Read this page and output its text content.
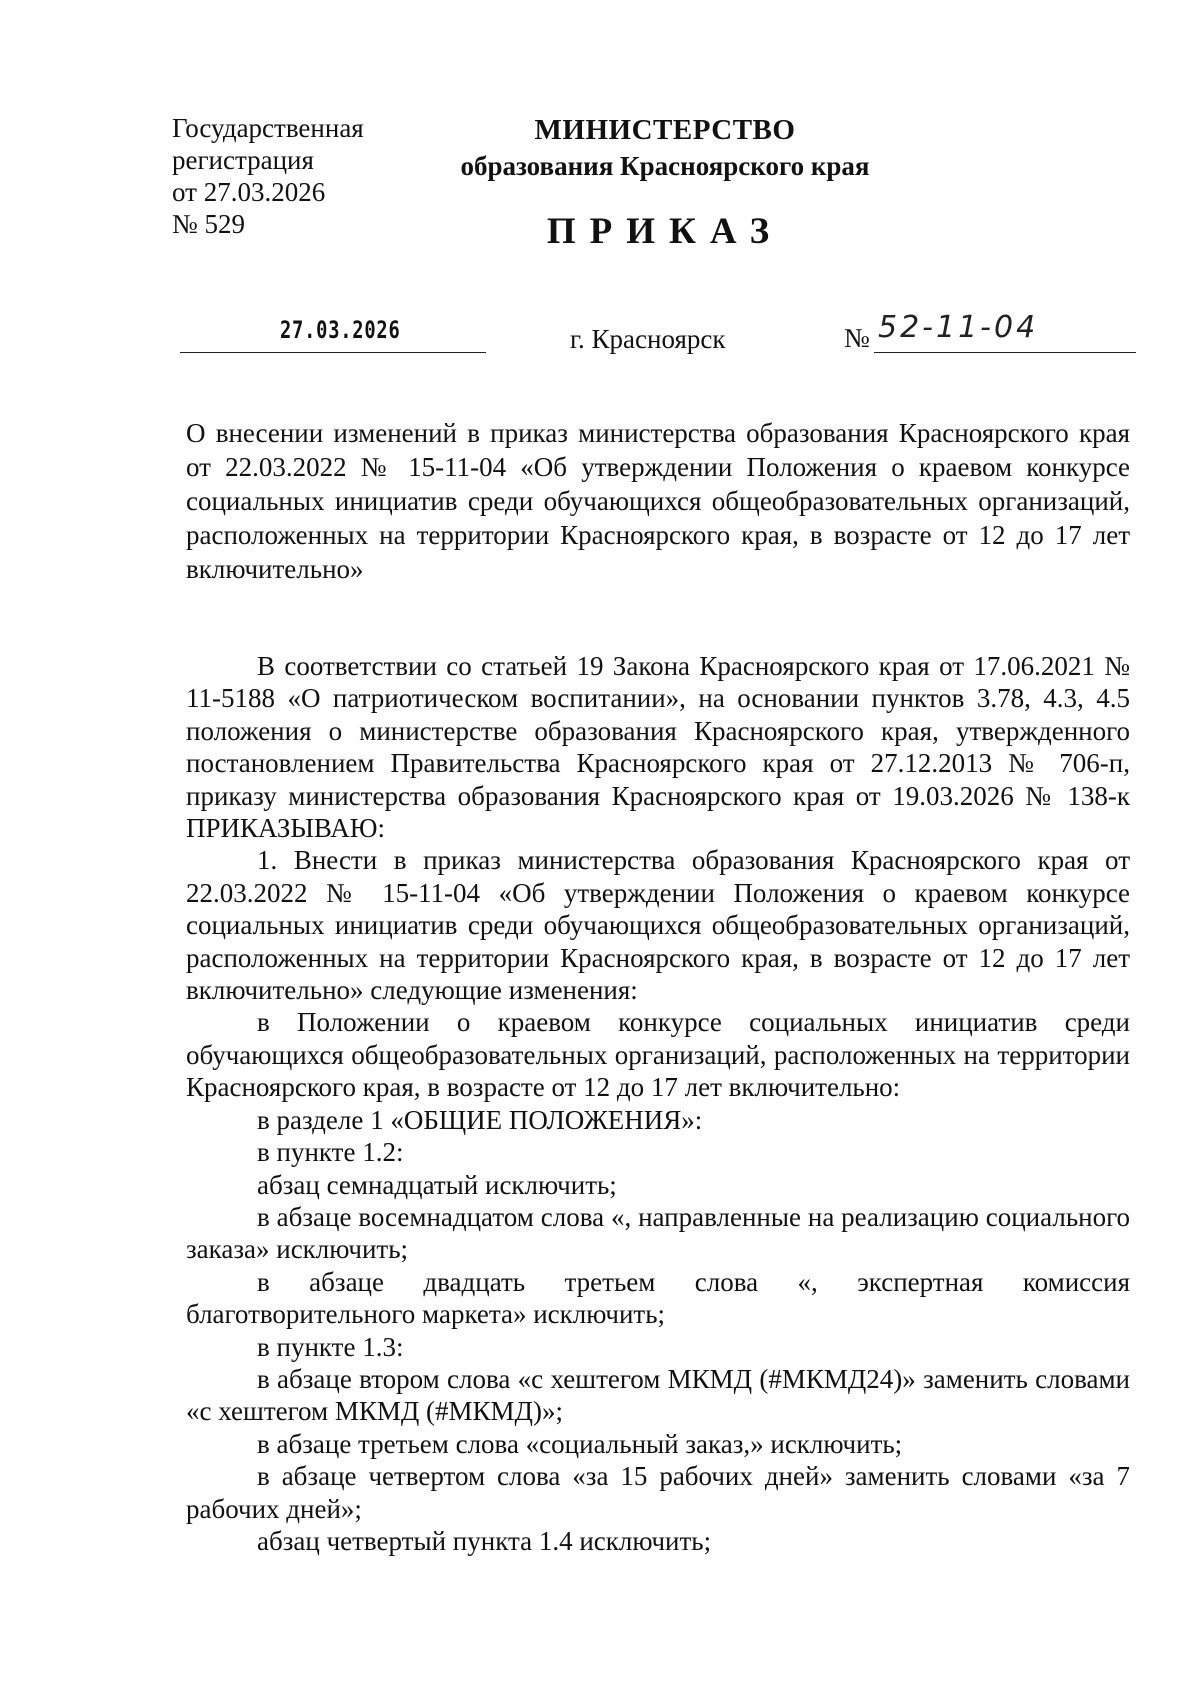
Государственная
регистрация
от 27.03.2026
№ 529
МИНИСТЕРСТВО
образования Красноярского края
ПРИКАЗ
27.03.2026	г. Красноярск	№ 52-11-04
О внесении изменений в приказ министерства образования Красноярского края от 22.03.2022 № 15-11-04 «Об утверждении Положения о краевом конкурсе социальных инициатив среди обучающихся общеобразовательных организаций, расположенных на территории Красноярского края, в возрасте от 12 до 17 лет включительно»

В соответствии со статьей 19 Закона Красноярского края от 17.06.2021 № 11-5188 «О патриотическом воспитании», на основании пунктов 3.78, 4.3, 4.5 положения о министерстве образования Красноярского края, утвержденного постановлением Правительства Красноярского края от 27.12.2013 № 706-п, приказу министерства образования Красноярского края от 19.03.2026 № 138-к ПРИКАЗЫВАЮ:

1. Внести в приказ министерства образования Красноярского края от 22.03.2022 № 15-11-04 «Об утверждении Положения о краевом конкурсе социальных инициатив среди обучающихся общеобразовательных организаций, расположенных на территории Красноярского края, в возрасте от 12 до 17 лет включительно» следующие изменения:

в Положении о краевом конкурсе социальных инициатив среди обучающихся общеобразовательных организаций, расположенных на территории Красноярского края, в возрасте от 12 до 17 лет включительно:

в разделе 1 «ОБЩИЕ ПОЛОЖЕНИЯ»:

в пункте 1.2:

абзац семнадцатый исключить;

в абзаце восемнадцатом слова «, направленные на реализацию социального заказа» исключить;

в абзаце двадцать третьем слова «, экспертная комиссия благотворительного маркета» исключить;

в пункте 1.3:

в абзаце втором слова «с хештегом МКМД (#МКМД24)» заменить словами «с хештегом МКМД (#МКМД)»;

в абзаце третьем слова «социальный заказ,» исключить;

в абзаце четвертом слова «за 15 рабочих дней» заменить словами «за 7 рабочих дней»;

абзац четвертый пункта 1.4 исключить;
